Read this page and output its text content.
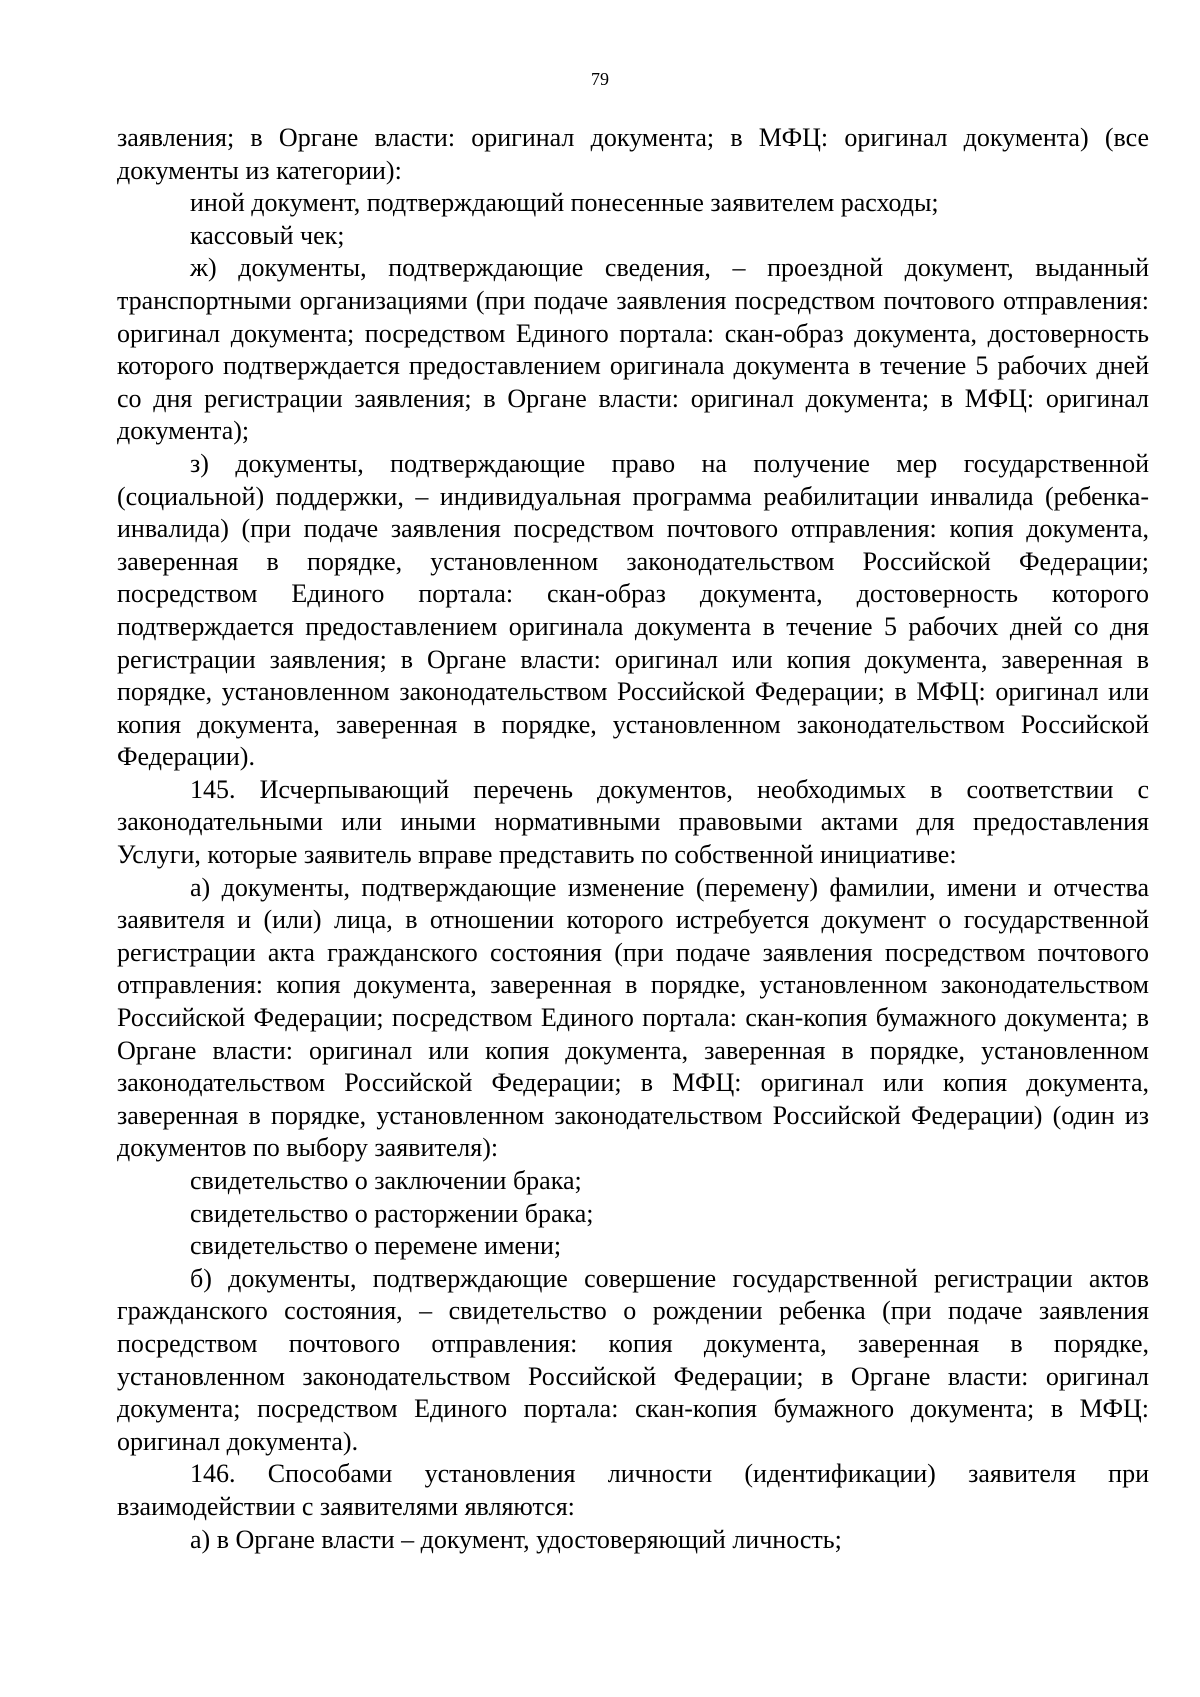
79

заявления; в Органе власти: оригинал документа; в МФЦ: оригинал документа) (все документы из категории):

иной документ, подтверждающий понесенные заявителем расходы;

кассовый чек;

ж) документы, подтверждающие сведения, – проездной документ, выданный транспортными организациями (при подаче заявления посредством почтового отправления: оригинал документа; посредством Единого портала: скан-образ документа, достоверность которого подтверждается предоставлением оригинала документа в течение 5 рабочих дней со дня регистрации заявления; в Органе власти: оригинал документа; в МФЦ: оригинал документа);

з) документы, подтверждающие право на получение мер государственной (социальной) поддержки, – индивидуальная программа реабилитации инвалида (ребенка-инвалида) (при подаче заявления посредством почтового отправления: копия документа, заверенная в порядке, установленном законодательством Российской Федерации; посредством Единого портала: скан-образ документа, достоверность которого подтверждается предоставлением оригинала документа в течение 5 рабочих дней со дня регистрации заявления; в Органе власти: оригинал или копия документа, заверенная в порядке, установленном законодательством Российской Федерации; в МФЦ: оригинал или копия документа, заверенная в порядке, установленном законодательством Российской Федерации).

145. Исчерпывающий перечень документов, необходимых в соответствии с законодательными или иными нормативными правовыми актами для предоставления Услуги, которые заявитель вправе представить по собственной инициативе:

а) документы, подтверждающие изменение (перемену) фамилии, имени и отчества заявителя и (или) лица, в отношении которого истребуется документ о государственной регистрации акта гражданского состояния (при подаче заявления посредством почтового отправления: копия документа, заверенная в порядке, установленном законодательством Российской Федерации; посредством Единого портала: скан-копия бумажного документа; в Органе власти: оригинал или копия документа, заверенная в порядке, установленном законодательством Российской Федерации; в МФЦ: оригинал или копия документа, заверенная в порядке, установленном законодательством Российской Федерации) (один из документов по выбору заявителя):

свидетельство о заключении брака;

свидетельство о расторжении брака;

свидетельство о перемене имени;

б) документы, подтверждающие совершение государственной регистрации актов гражданского состояния, – свидетельство о рождении ребенка (при подаче заявления посредством почтового отправления: копия документа, заверенная в порядке, установленном законодательством Российской Федерации; в Органе власти: оригинал документа; посредством Единого портала: скан-копия бумажного документа; в МФЦ: оригинал документа).

146. Способами установления личности (идентификации) заявителя при взаимодействии с заявителями являются:

а) в Органе власти – документ, удостоверяющий личность;
